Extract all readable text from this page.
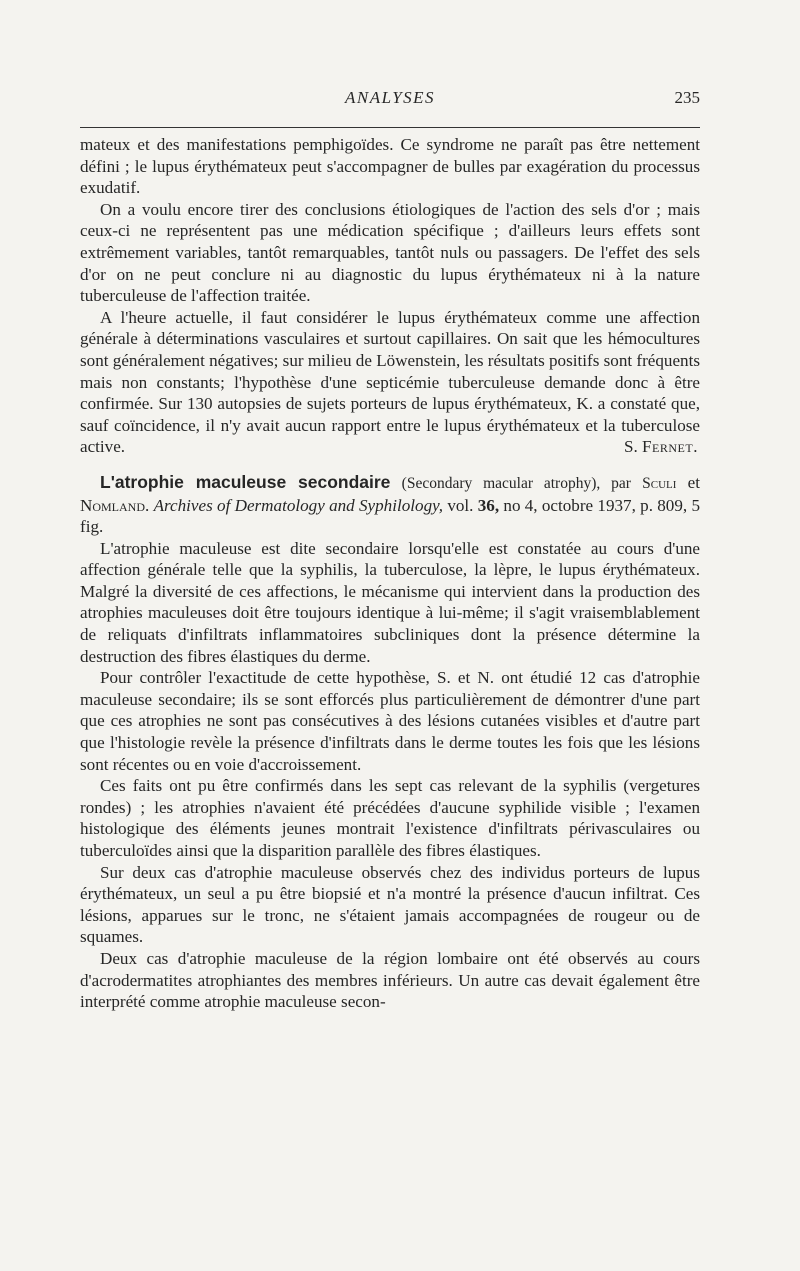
ANALYSES	235

mateux et des manifestations pemphigoïdes. Ce syndrome ne paraît pas être nettement défini ; le lupus érythémateux peut s'accompagner de bulles par exagération du processus exudatif.

On a voulu encore tirer des conclusions étiologiques de l'action des sels d'or ; mais ceux-ci ne représentent pas une médication spécifique ; d'ailleurs leurs effets sont extrêmement variables, tantôt remarquables, tantôt nuls ou passagers. De l'effet des sels d'or on ne peut conclure ni au diagnostic du lupus érythémateux ni à la nature tuberculeuse de l'affection traitée.

A l'heure actuelle, il faut considérer le lupus érythémateux comme une affection générale à déterminations vasculaires et surtout capillaires. On sait que les hémocultures sont généralement négatives; sur milieu de Löwenstein, les résultats positifs sont fréquents mais non constants; l'hypothèse d'une septicémie tuberculeuse demande donc à être confirmée. Sur 130 autopsies de sujets porteurs de lupus érythémateux, K. a constaté que, sauf coïncidence, il n'y avait aucun rapport entre le lupus érythémateux et la tuberculose active.	S. Fernet.

L'atrophie maculeuse secondaire (Secondary macular atrophy), par Sculi et Nomland. Archives of Dermatology and Syphilology, vol. 36, no 4, octobre 1937, p. 809, 5 fig.

L'atrophie maculeuse est dite secondaire lorsqu'elle est constatée au cours d'une affection générale telle que la syphilis, la tuberculose, la lèpre, le lupus érythémateux. Malgré la diversité de ces affections, le mécanisme qui intervient dans la production des atrophies maculeuses doit être toujours identique à lui-même; il s'agit vraisemblablement de reliquats d'infiltrats inflammatoires subcliniques dont la présence détermine la destruction des fibres élastiques du derme.

Pour contrôler l'exactitude de cette hypothèse, S. et N. ont étudié 12 cas d'atrophie maculeuse secondaire; ils se sont efforcés plus particulièrement de démontrer d'une part que ces atrophies ne sont pas consécutives à des lésions cutanées visibles et d'autre part que l'histologie revèle la présence d'infiltrats dans le derme toutes les fois que les lésions sont récentes ou en voie d'accroissement.

Ces faits ont pu être confirmés dans les sept cas relevant de la syphilis (vergetures rondes) ; les atrophies n'avaient été précédées d'aucune syphilide visible ; l'examen histologique des éléments jeunes montrait l'existence d'infiltrats périvasculaires ou tuberculoïdes ainsi que la disparition parallèle des fibres élastiques.

Sur deux cas d'atrophie maculeuse observés chez des individus porteurs de lupus érythémateux, un seul a pu être biopsié et n'a montré la présence d'aucun infiltrat. Ces lésions, apparues sur le tronc, ne s'étaient jamais accompagnées de rougeur ou de squames.

Deux cas d'atrophie maculeuse de la région lombaire ont été observés au cours d'acrodermatites atrophiantes des membres inférieurs. Un autre cas devait également être interprété comme atrophie maculeuse secon-
